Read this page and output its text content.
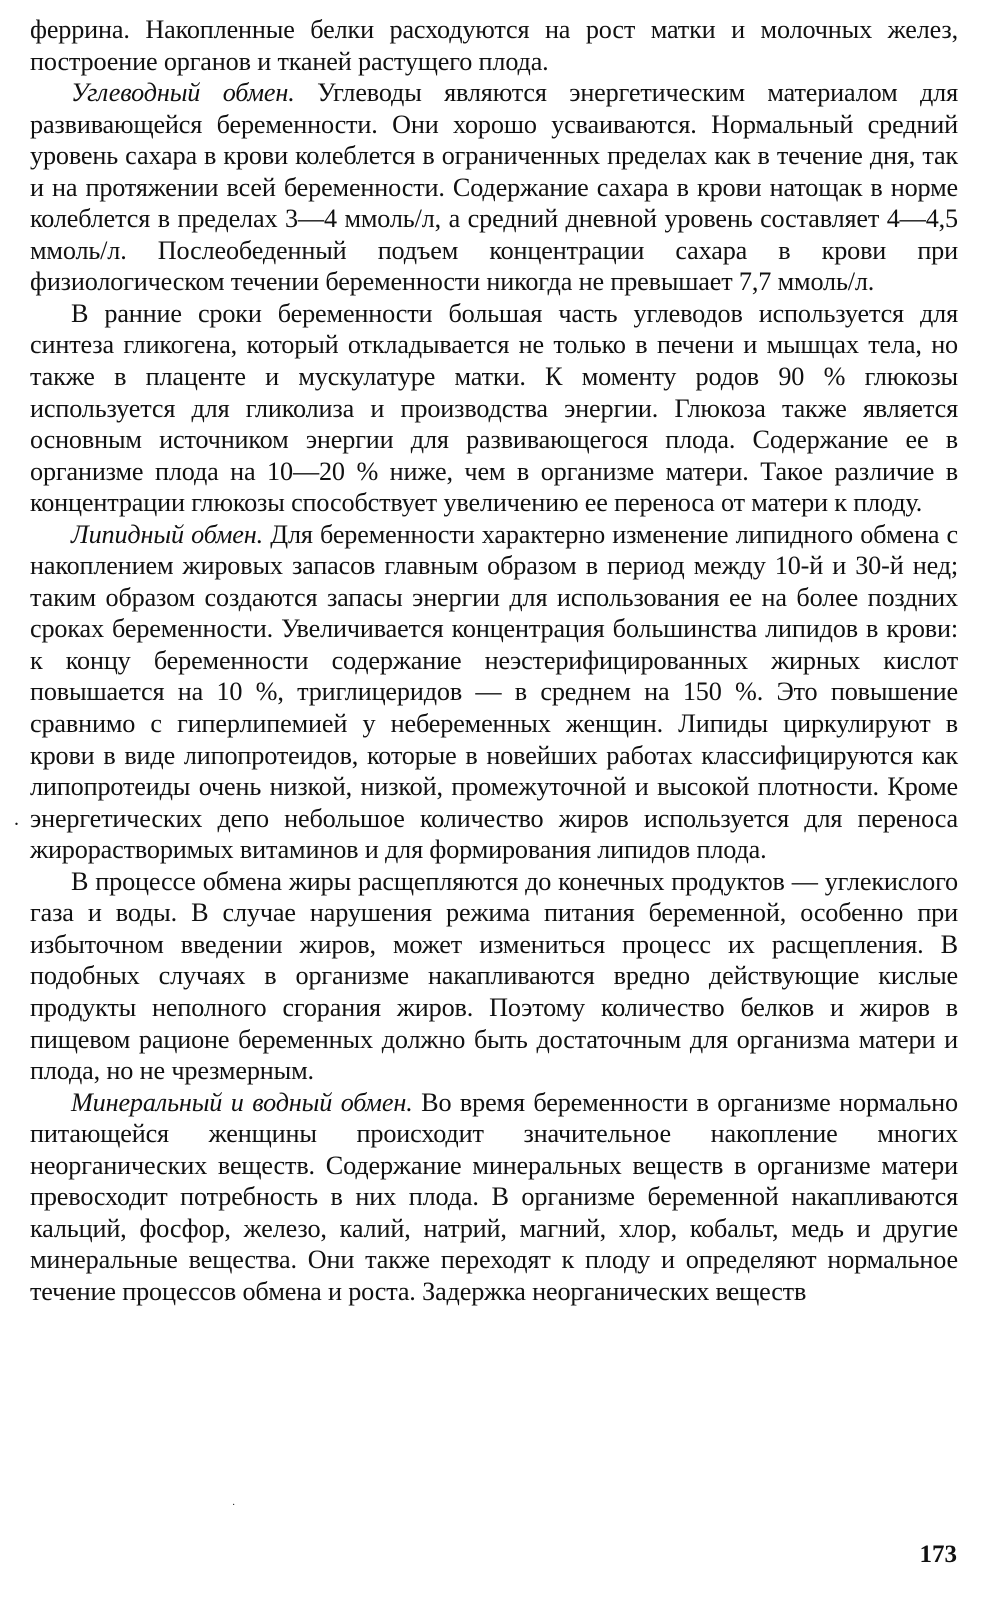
феррина. Накопленные белки расходуются на рост матки и молочных желез, построение органов и тканей растущего плода.

Углеводный обмен. Углеводы являются энергетическим материалом для развивающейся беременности. Они хорошо усваиваются. Нормальный средний уровень сахара в крови колеблется в ограниченных пределах как в течение дня, так и на протяжении всей беременности. Содержание сахара в крови натощак в норме колеблется в пределах 3—4 ммоль/л, а средний дневной уровень составляет 4—4,5 ммоль/л. Послеобеденный подъем концентрации сахара в крови при физиологическом течении беременности никогда не превышает 7,7 ммоль/л.

В ранние сроки беременности большая часть углеводов используется для синтеза гликогена, который откладывается не только в печени и мышцах тела, но также в плаценте и мускулатуре матки. К моменту родов 90 % глюкозы используется для гликолиза и производства энергии. Глюкоза также является основным источником энергии для развивающегося плода. Содержание ее в организме плода на 10—20 % ниже, чем в организме матери. Такое различие в концентрации глюкозы способствует увеличению ее переноса от матери к плоду.

Липидный обмен. Для беременности характерно изменение липидного обмена с накоплением жировых запасов главным образом в период между 10-й и 30-й нед; таким образом создаются запасы энергии для использования ее на более поздних сроках беременности. Увеличивается концентрация большинства липидов в крови: к концу беременности содержание неэстерифицированных жирных кислот повышается на 10 %, триглицеридов — в среднем на 150 %. Это повышение сравнимо с гиперлипемией у небеременных женщин. Липиды циркулируют в крови в виде липопротеидов, которые в новейших работах классифицируются как липопротеиды очень низкой, низкой, промежуточной и высокой плотности. Кроме энергетических депо небольшое количество жиров используется для переноса жирорастворимых витаминов и для формирования липидов плода.

В процессе обмена жиры расщепляются до конечных продуктов — углекислого газа и воды. В случае нарушения режима питания беременной, особенно при избыточном введении жиров, может измениться процесс их расщепления. В подобных случаях в организме накапливаются вредно действующие кислые продукты неполного сгорания жиров. Поэтому количество белков и жиров в пищевом рационе беременных должно быть достаточным для организма матери и плода, но не чрезмерным.

Минеральный и водный обмен. Во время беременности в организме нормально питающейся женщины происходит значительное накопление многих неорганических веществ. Содержание минеральных веществ в организме матери превосходит потребность в них плода. В организме беременной накапливаются кальций, фосфор, железо, калий, натрий, магний, хлор, кобальт, медь и другие минеральные вещества. Они также переходят к плоду и определяют нормальное течение процессов обмена и роста. Задержка неорганических веществ

.
·
173
